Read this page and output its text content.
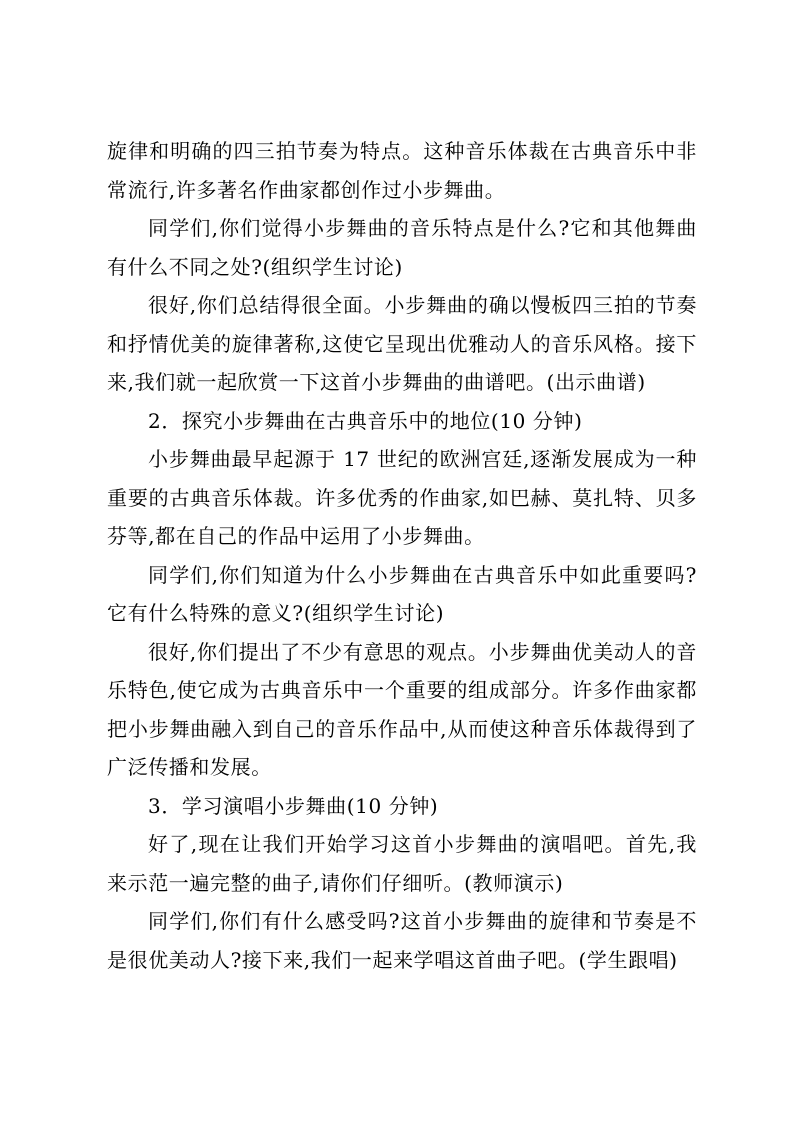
旋律和明确的四三拍节奏为特点。这种音乐体裁在古典音乐中非常流行,许多著名作曲家都创作过小步舞曲。

同学们,你们觉得小步舞曲的音乐特点是什么?它和其他舞曲有什么不同之处?(组织学生讨论)

很好,你们总结得很全面。小步舞曲的确以慢板四三拍的节奏和抒情优美的旋律著称,这使它呈现出优雅动人的音乐风格。接下来,我们就一起欣赏一下这首小步舞曲的曲谱吧。(出示曲谱)

2．探究小步舞曲在古典音乐中的地位(10 分钟)

小步舞曲最早起源于 17 世纪的欧洲宫廷,逐渐发展成为一种重要的古典音乐体裁。许多优秀的作曲家,如巴赫、莫扎特、贝多芬等,都在自己的作品中运用了小步舞曲。

同学们,你们知道为什么小步舞曲在古典音乐中如此重要吗?它有什么特殊的意义?(组织学生讨论)

很好,你们提出了不少有意思的观点。小步舞曲优美动人的音乐特色,使它成为古典音乐中一个重要的组成部分。许多作曲家都把小步舞曲融入到自己的音乐作品中,从而使这种音乐体裁得到了广泛传播和发展。

3．学习演唱小步舞曲(10 分钟)

好了,现在让我们开始学习这首小步舞曲的演唱吧。首先,我来示范一遍完整的曲子,请你们仔细听。(教师演示)

同学们,你们有什么感受吗?这首小步舞曲的旋律和节奏是不是很优美动人?接下来,我们一起来学唱这首曲子吧。(学生跟唱)
